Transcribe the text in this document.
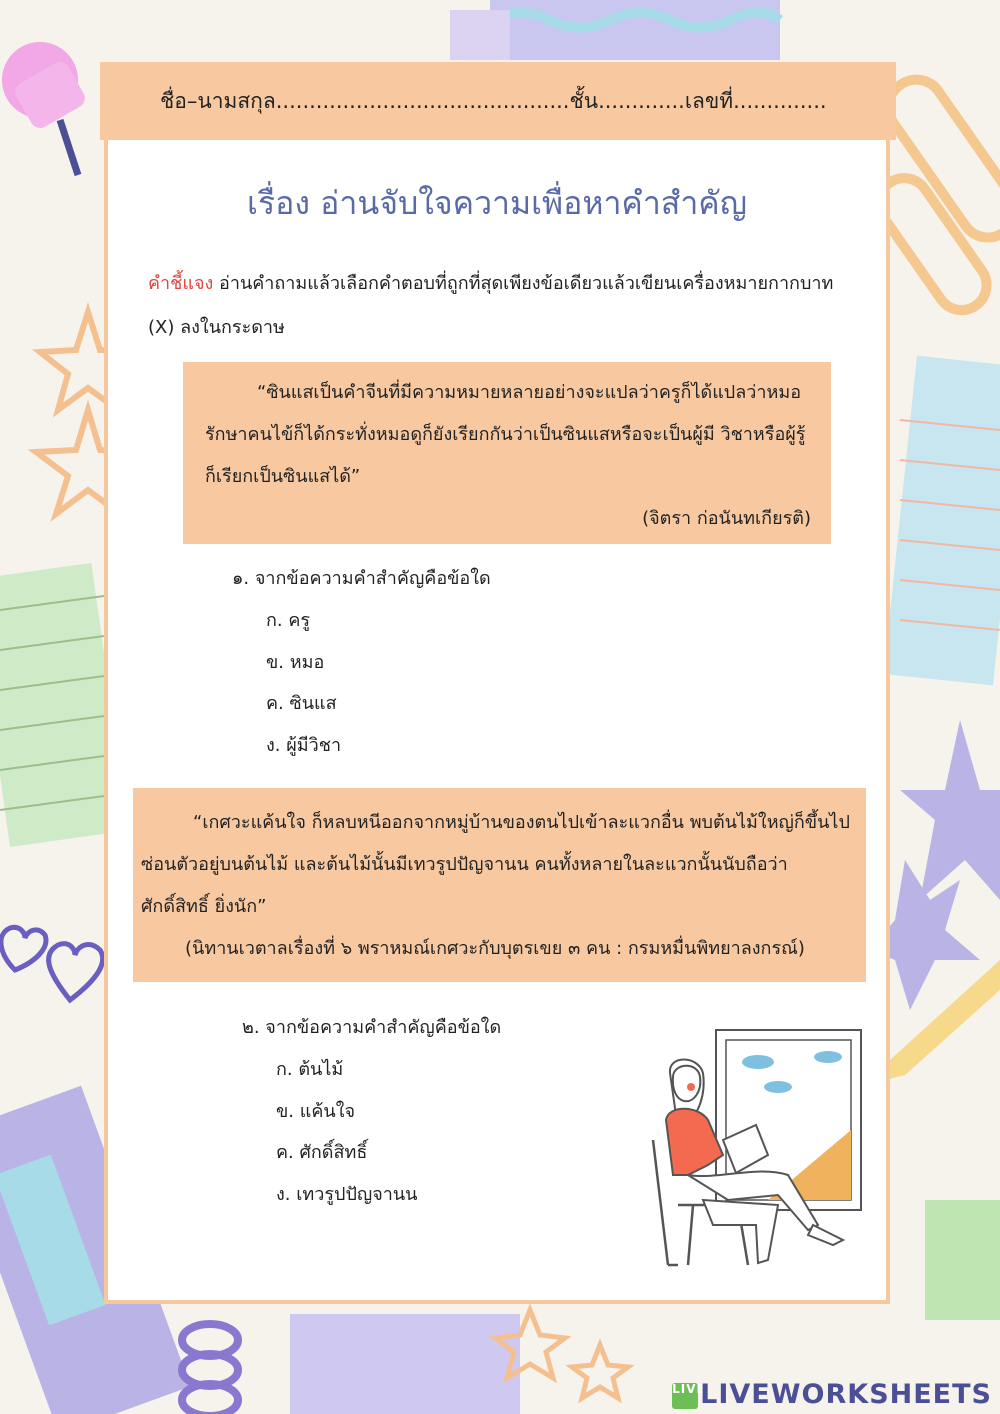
ชื่อ–นามสกุล............................................ชั้น.............เลขที่..............
เรื่อง อ่านจับใจความเพื่อหาคำสำคัญ
คำชี้แจง อ่านคำถามแล้วเลือกคำตอบที่ถูกที่สุดเพียงข้อเดียวแล้วเขียนเครื่องหมายกากบาท (X) ลงในกระดาษ

“ซินแสเป็นคำจีนที่มีความหมายหลายอย่างจะแปลว่าครูก็ได้แปลว่าหมอรักษาคนไข้ก็ได้กระทั่งหมอดูก็ยังเรียกกันว่าเป็นซินแสหรือจะเป็นผู้มี วิชาหรือผู้รู้ก็เรียกเป็นซินแสได้”

(จิตรา ก่อนันทเกียรติ)

๑. จากข้อความคำสำคัญคือข้อใด
ก. ครู
ข. หมอ
ค. ซินแส
ง. ผู้มีวิชา

“เกศวะแค้นใจ ก็หลบหนีออกจากหมู่บ้านของตนไปเข้าละแวกอื่น พบต้นไม้ใหญ่ก็ขึ้นไปซ่อนตัวอยู่บนต้นไม้ และต้นไม้นั้นมีเทวรูปปัญจานน คนทั้งหลายในละแวกนั้นนับถือว่าศักดิ์สิทธิ์ ยิ่งนัก”

(นิทานเวตาลเรื่องที่ ๖ พราหมณ์เกศวะกับบุตรเขย ๓ คน : กรมหมื่นพิทยาลงกรณ์)

๒. จากข้อความคำสำคัญคือข้อใด
ก. ต้นไม้
ข. แค้นใจ
ค. ศักดิ์สิทธิ์
ง. เทวรูปปัญจานน
LIVELIVEWORKSHEETS
